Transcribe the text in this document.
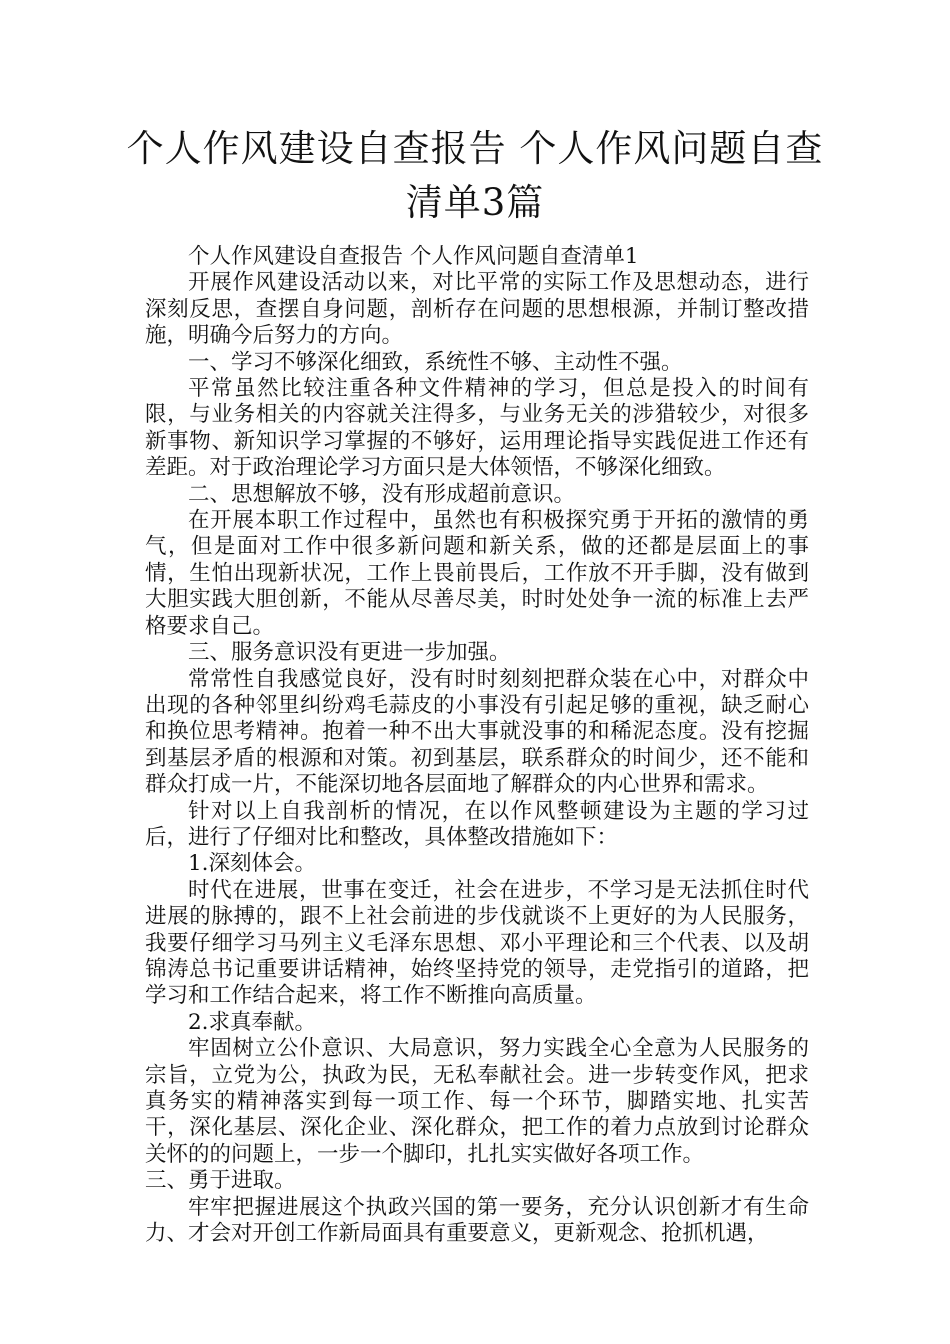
个人作风建设自查报告 个人作风问题自查清单3篇

个人作风建设自查报告 个人作风问题自查清单1

开展作风建设活动以来，对比平常的实际工作及思想动态，进行深刻反思，查摆自身问题，剖析存在问题的思想根源，并制订整改措施，明确今后努力的方向。

一、学习不够深化细致，系统性不够、主动性不强。

平常虽然比较注重各种文件精神的学习，但总是投入的时间有限，与业务相关的内容就关注得多，与业务无关的涉猎较少，对很多新事物、新知识学习掌握的不够好，运用理论指导实践促进工作还有差距。对于政治理论学习方面只是大体领悟，不够深化细致。

二、思想解放不够，没有形成超前意识。

在开展本职工作过程中，虽然也有积极探究勇于开拓的激情的勇气，但是面对工作中很多新问题和新关系，做的还都是层面上的事情，生怕出现新状况，工作上畏前畏后，工作放不开手脚，没有做到大胆实践大胆创新，不能从尽善尽美，时时处处争一流的标准上去严格要求自己。

三、服务意识没有更进一步加强。

常常性自我感觉良好，没有时时刻刻把群众装在心中，对群众中出现的各种邻里纠纷鸡毛蒜皮的小事没有引起足够的重视，缺乏耐心和换位思考精神。抱着一种不出大事就没事的和稀泥态度。没有挖掘到基层矛盾的根源和对策。初到基层，联系群众的时间少，还不能和群众打成一片，不能深切地各层面地了解群众的内心世界和需求。

针对以上自我剖析的情况，在以作风整顿建设为主题的学习过后，进行了仔细对比和整改，具体整改措施如下：

1.深刻体会。

时代在进展，世事在变迁，社会在进步，不学习是无法抓住时代进展的脉搏的，跟不上社会前进的步伐就谈不上更好的为人民服务，我要仔细学习马列主义毛泽东思想、邓小平理论和三个代表、以及胡锦涛总书记重要讲话精神，始终坚持党的领导，走党指引的道路，把学习和工作结合起来，将工作不断推向高质量。

2.求真奉献。

牢固树立公仆意识、大局意识，努力实践全心全意为人民服务的宗旨，立党为公，执政为民，无私奉献社会。进一步转变作风，把求真务实的精神落实到每一项工作、每一个环节，脚踏实地、扎实苦干，深化基层、深化企业、深化群众，把工作的着力点放到讨论群众关怀的的问题上，一步一个脚印，扎扎实实做好各项工作。

三、勇于进取。

牢牢把握进展这个执政兴国的第一要务，充分认识创新才有生命力、才会对开创工作新局面具有重要意义，更新观念、抢抓机遇，
